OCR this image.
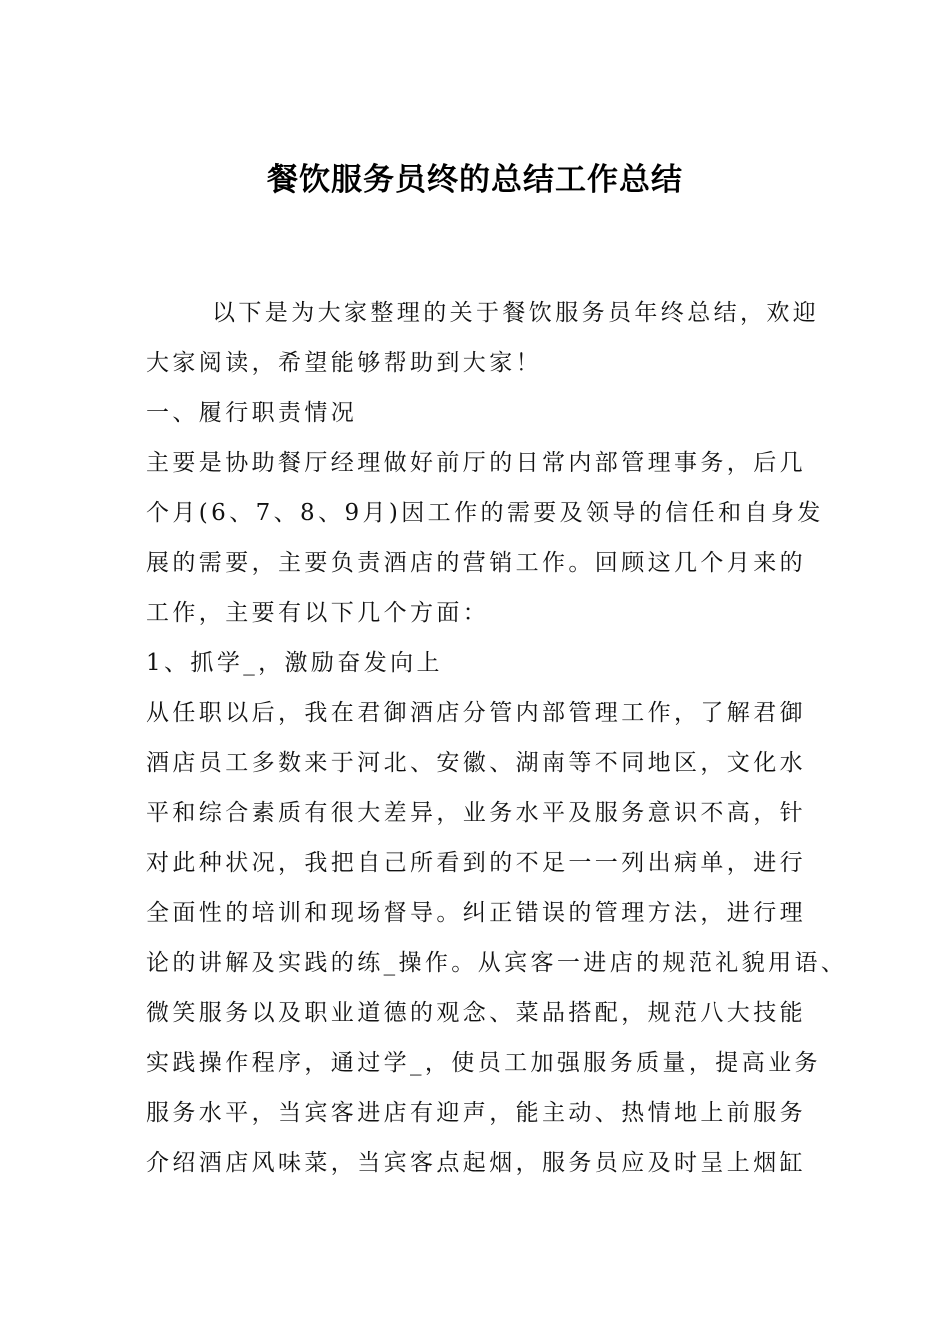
餐饮服务员终的总结工作总结
以下是为大家整理的关于餐饮服务员年终总结，欢迎
大家阅读，希望能够帮助到大家！
一、履行职责情况
主要是协助餐厅经理做好前厅的日常内部管理事务，后几
个月(6、7、8、9月)因工作的需要及领导的信任和自身发
展的需要，主要负责酒店的营销工作。回顾这几个月来的
工作，主要有以下几个方面：
1、抓学_，激励奋发向上
从任职以后，我在君御酒店分管内部管理工作，了解君御
酒店员工多数来于河北、安徽、湖南等不同地区，文化水
平和综合素质有很大差异，业务水平及服务意识不高，针
对此种状况，我把自己所看到的不足一一列出病单，进行
全面性的培训和现场督导。纠正错误的管理方法，进行理
论的讲解及实践的练_操作。从宾客一进店的规范礼貌用语、
微笑服务以及职业道德的观念、菜品搭配，规范八大技能
实践操作程序，通过学_，使员工加强服务质量，提高业务
服务水平，当宾客进店有迎声，能主动、热情地上前服务
介绍酒店风味菜，当宾客点起烟，服务员应及时呈上烟缸
